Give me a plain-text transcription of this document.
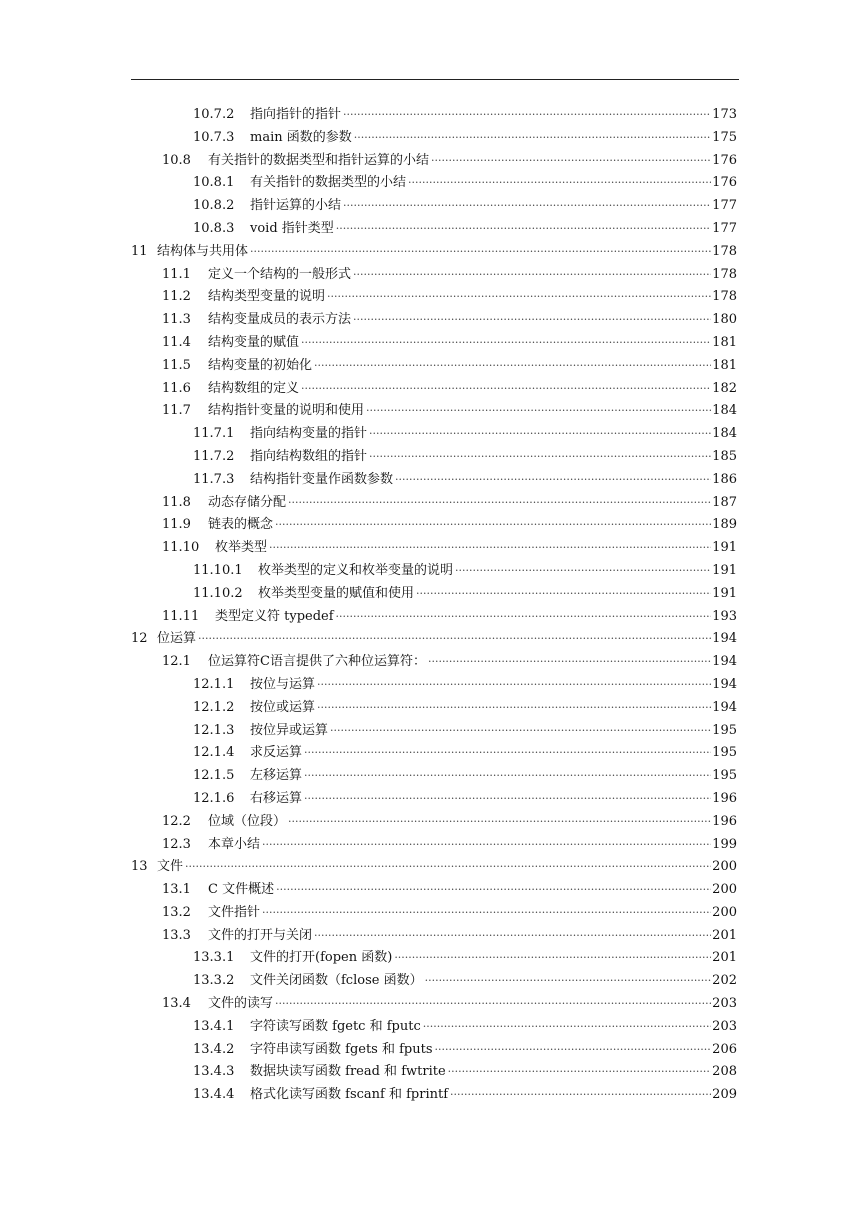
10.7.2	指向指针的指针 ·····	173
10.7.3	main 函数的参数 ·····	175
10.8	有关指针的数据类型和指针运算的小结 ·····	176
10.8.1	有关指针的数据类型的小结 ·····	176
10.8.2	指针运算的小结 ·····	177
10.8.3	void 指针类型 ·····	177
11 结构体与共用体 ·····	178
11.1	定义一个结构的一般形式 ·····	178
11.2	结构类型变量的说明 ·····	178
11.3	结构变量成员的表示方法 ·····	180
11.4	结构变量的赋值 ·····	181
11.5	结构变量的初始化 ·····	181
11.6	结构数组的定义 ·····	182
11.7	结构指针变量的说明和使用 ·····	184
11.7.1	指向结构变量的指针 ·····	184
11.7.2	指向结构数组的指针 ·····	185
11.7.3	结构指针变量作函数参数 ·····	186
11.8	动态存储分配 ·····	187
11.9	链表的概念 ·····	189
11.10	枚举类型 ·····	191
11.10.1	枚举类型的定义和枚举变量的说明 ·····	191
11.10.2	枚举类型变量的赋值和使用 ·····	191
11.11	类型定义符 typedef ·····	193
12 位运算 ·····	194
12.1	位运算符C语言提供了六种位运算符： ·····	194
12.1.1	按位与运算 ·····	194
12.1.2	按位或运算 ·····	194
12.1.3	按位异或运算 ·····	195
12.1.4	求反运算 ·····	195
12.1.5	左移运算 ·····	195
12.1.6	右移运算 ·····	196
12.2	位域（位段） ·····	196
12.3	本章小结 ·····	199
13 文件 ·····	200
13.1	C 文件概述 ·····	200
13.2	文件指针 ·····	200
13.3	文件的打开与关闭 ·····	201
13.3.1	文件的打开(fopen 函数) ·····	201
13.3.2	文件关闭函数（fclose 函数） ·····	202
13.4	文件的读写 ·····	203
13.4.1	字符读写函数 fgetc 和 fputc ·····	203
13.4.2	字符串读写函数 fgets 和 fputs ·····	206
13.4.3	数据块读写函数 fread 和 fwtrite ·····	208
13.4.4	格式化读写函数 fscanf 和 fprintf ·····	209
